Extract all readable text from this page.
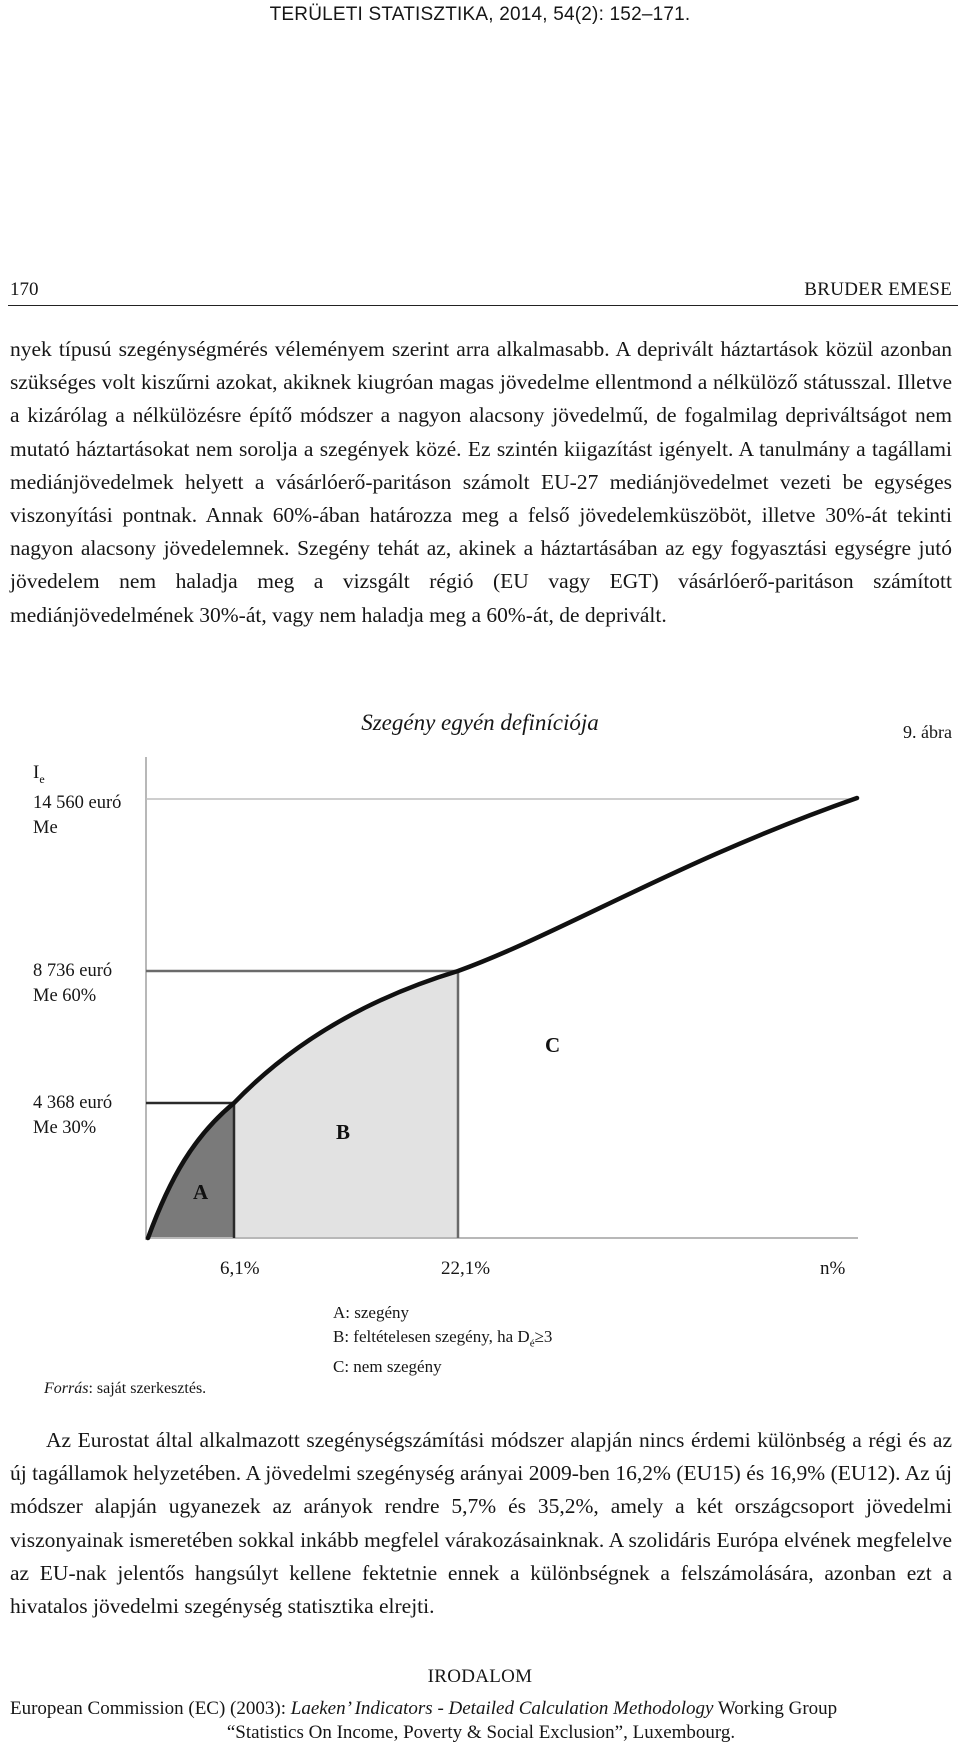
TERÜLETI STATISZTIKA, 2014, 54(2): 152–171.
170	BRUDER EMESE

nyek típusú szegénységmérés véleményem szerint arra alkalmasabb. A deprivált háztartások közül azonban szükséges volt kiszűrni azokat, akiknek kiugróan magas jövedelme ellentmond a nélkülöző státusszal. Illetve a kizárólag a nélkülözésre építő módszer a nagyon alacsony jövedelmű, de fogalmilag depriváltságot nem mutató háztartásokat nem sorolja a szegények közé. Ez szintén kiigazítást igényelt. A tanulmány a tagállami mediánjövedelmek helyett a vásárlóerő-paritáson számolt EU-27 mediánjövedelmet vezeti be egységes viszonyítási pontnak. Annak 60%-ában határozza meg a felső jövedelemküszöböt, illetve 30%-át tekinti nagyon alacsony jövedelemnek. Szegény tehát az, akinek a háztartásában az egy fogyasztási egységre jutó jövedelem nem haladja meg a vizsgált régió (EU vagy EGT) vásárlóerő-paritáson számított mediánjövedelmének 30%-át, vagy nem haladja meg a 60%-át, de deprivált.

9. ábra
Szegény egyén definíciója
$I_e$
14 560 euró
Me
8 736 euró
Me 60%
4 368 euró
Me 30%
A
B
C
6,1%	22,1%	n%
A: szegény
B: feltételesen szegény, ha $D_é\ge 3$
C: nem szegény
Forrás: saját szerkesztés.

Az Eurostat által alkalmazott szegénységszámítási módszer alapján nincs érdemi különbség a régi és az új tagállamok helyzetében. A jövedelmi szegénység arányai 2009-ben 16,2% (EU15) és 16,9% (EU12). Az új módszer alapján ugyanezek az arányok rendre 5,7% és 35,2%, amely a két országcsoport jövedelmi viszonyainak ismeretében sokkal inkább megfelel várakozásainknak. A szolidáris Európa elvének megfelelve az EU-nak jelentős hangsúlyt kellene fektetnie ennek a különbségnek a felszámolására, azonban ezt a hivatalos jövedelmi szegénység statisztika elrejti.

IRODALOM
European Commission (EC) (2003): Laeken’ Indicators - Detailed Calculation Methodology Working Group
“Statistics On Income, Poverty & Social Exclusion”, Luxembourg.
